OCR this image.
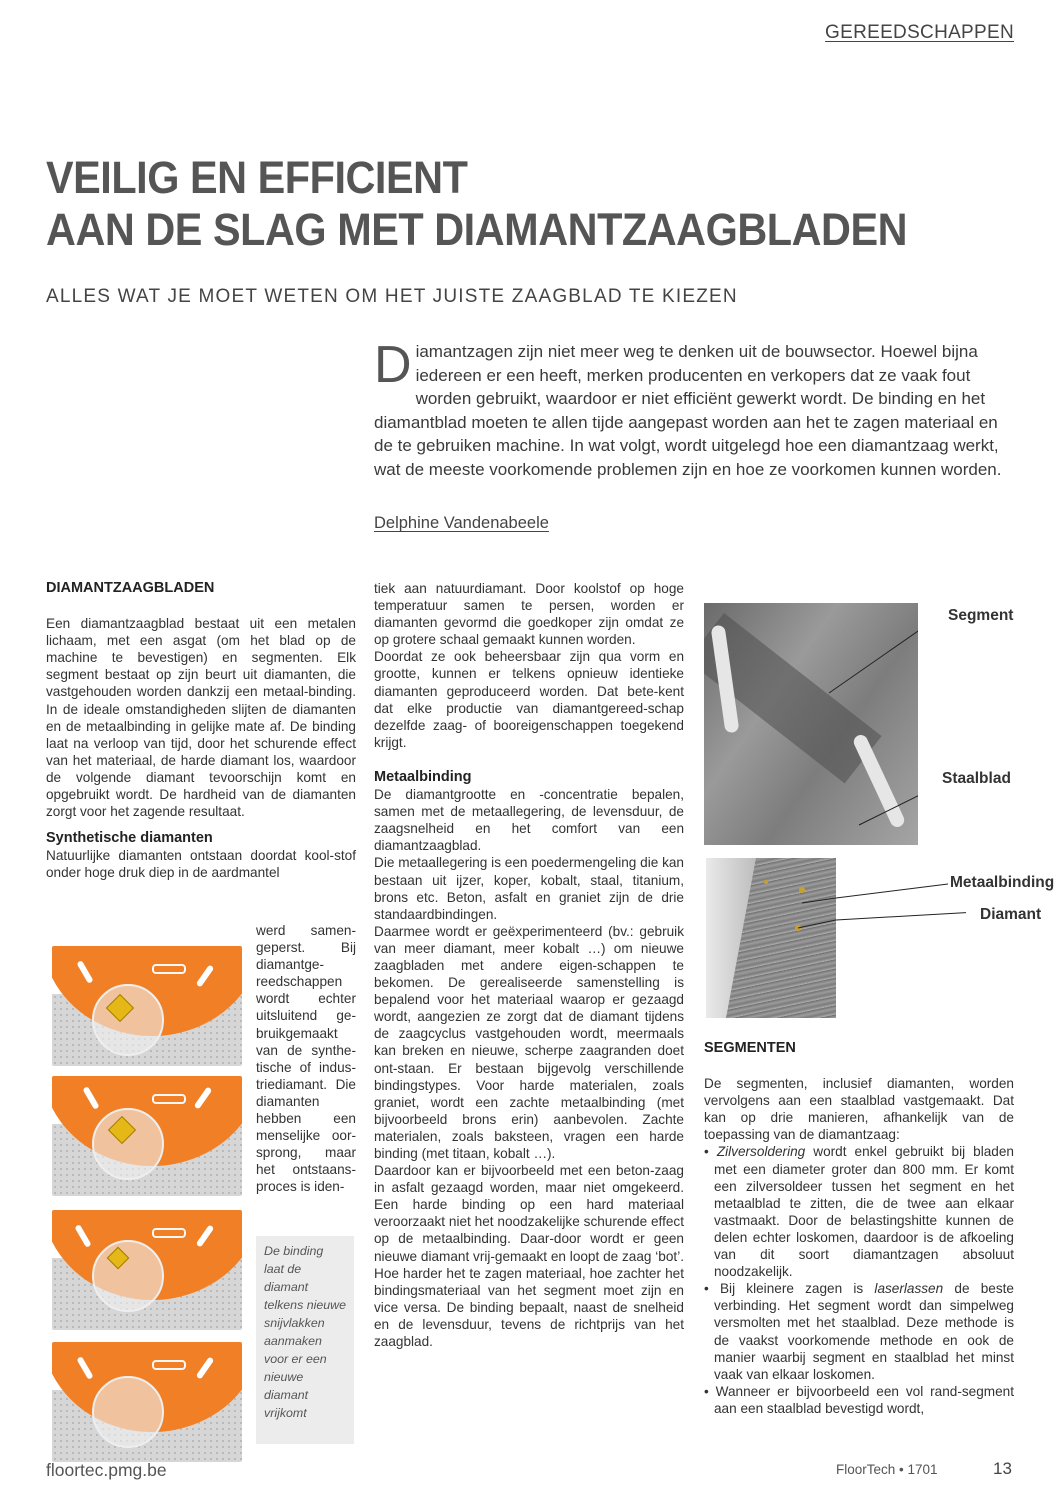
GEREEDSCHAPPEN
VEILIG EN EFFICIENT
AAN DE SLAG MET DIAMANTZAAGBLADEN
ALLES WAT JE MOET WETEN OM HET JUISTE ZAAGBLAD TE KIEZEN
Diamantzagen zijn niet meer weg te denken uit de bouwsector. Hoewel bijna iedereen er een heeft, merken producenten en verkopers dat ze vaak fout worden gebruikt, waardoor er niet efficiënt gewerkt wordt. De binding en het diamantblad moeten te allen tijde aangepast worden aan het te zagen materiaal en de te gebruiken machine. In wat volgt, wordt uitgelegd hoe een diamantzaag werkt, wat de meeste voorkomende problemen zijn en hoe ze voorkomen kunnen worden.
Delphine Vandenabeele
DIAMANTZAAGBLADEN

Een diamantzaagblad bestaat uit een metalen lichaam, met een asgat (om het blad op de machine te bevestigen) en segmenten. Elk segment bestaat op zijn beurt uit diamanten, die vastgehouden worden dankzij een metaal-binding. In de ideale omstandigheden slijten de diamanten en de metaalbinding in gelijke mate af. De binding laat na verloop van tijd, door het schurende effect van het materiaal, de harde diamant los, waardoor de volgende diamant tevoorschijn komt en opgebruikt wordt. De hardheid van de diamanten zorgt voor het zagende resultaat.

Synthetische diamanten

Natuurlijke diamanten ontstaan doordat kool-stof onder hoge druk diep in de aardmantel

werd samen-geperst. Bij diamantge-reedschappen wordt echter uitsluitend ge-bruikgemaakt van de synthe-tische of indus-triediamant. Die diamanten hebben een menselijke oor-sprong, maar het ontstaans-proces is iden-
De binding laat de diamant telkens nieuwe snijvlakken aanmaken voor er een nieuwe diamant vrijkomt

tiek aan natuurdiamant. Door koolstof op hoge temperatuur samen te persen, worden er diamanten gevormd die goedkoper zijn omdat ze op grotere schaal gemaakt kunnen worden.

Doordat ze ook beheersbaar zijn qua vorm en grootte, kunnen er telkens opnieuw identieke diamanten geproduceerd worden. Dat bete-kent dat elke productie van diamantgereed-schap dezelfde zaag- of booreigenschappen toegekend krijgt.

Metaalbinding

De diamantgrootte en -concentratie bepalen, samen met de metaallegering, de levensduur, de zaagsnelheid en het comfort van een diamantzaagblad.

Die metaallegering is een poedermengeling die kan bestaan uit ijzer, koper, kobalt, staal, titanium, brons etc. Beton, asfalt en graniet zijn de drie standaardbindingen.

Daarmee wordt er geëxperimenteerd (bv.: gebruik van meer diamant, meer kobalt …) om nieuwe zaagbladen met andere eigen-schappen te bekomen. De gerealiseerde samenstelling is bepalend voor het materiaal waarop er gezaagd wordt, aangezien ze zorgt dat de diamant tijdens de zaagcyclus vastgehouden wordt, meermaals kan breken en nieuwe, scherpe zaagranden doet ont-staan. Er bestaan bijgevolg verschillende bindingstypes. Voor harde materialen, zoals graniet, wordt een zachte metaalbinding (met bijvoorbeeld brons erin) aanbevolen. Zachte materialen, zoals baksteen, vragen een harde binding (met titaan, kobalt …).

Daardoor kan er bijvoorbeeld met een beton-zaag in asfalt gezaagd worden, maar niet omgekeerd. Een harde binding op een hard materiaal veroorzaakt niet het noodzakelijke schurende effect op de metaalbinding. Daar-door wordt er geen nieuwe diamant vrij-gemaakt en loopt de zaag ‘bot’. Hoe harder het te zagen materiaal, hoe zachter het bindingsmateriaal van het segment moet zijn en vice versa. De binding bepaalt, naast de snelheid en de levensduur, tevens de richtprijs van het zaagblad.

Segment
Staalblad
Metaalbinding
Diamant
SEGMENTEN

De segmenten, inclusief diamanten, worden vervolgens aan een staalblad vastgemaakt. Dat kan op drie manieren, afhankelijk van de toepassing van de diamantzaag:

• Zilversoldering wordt enkel gebruikt bij bladen met een diameter groter dan 800 mm. Er komt een zilversoldeer tussen het segment en het metaalblad te zitten, die de twee aan elkaar vastmaakt. Door de belastingshitte kunnen de delen echter loskomen, daardoor is de afkoeling van dit soort diamantzagen absoluut noodzakelijk.

• Bij kleinere zagen is laserlassen de beste verbinding. Het segment wordt dan simpelweg versmolten met het staalblad. Deze methode is de vaakst voorkomende methode en ook de manier waarbij segment en staalblad het minst vaak van elkaar loskomen.

• Wanneer er bijvoorbeeld een vol rand-segment aan een staalblad bevestigd wordt,

floortec.pmg.be	FloorTech • 1701	13
